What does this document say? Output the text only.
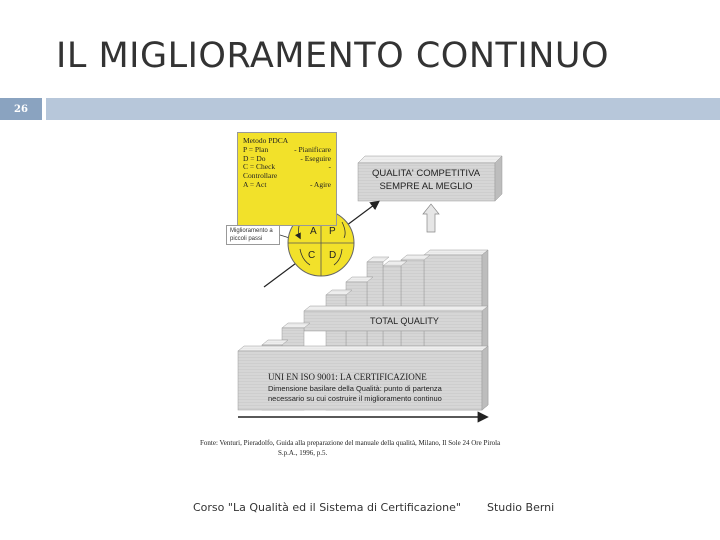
IL MIGLIORAMENTO CONTINUO
26
A P
C D
QUALITA' COMPETITIVA
SEMPRE AL MEGLIO
TOTAL QUALITY
UNI EN ISO 9001: LA CERTIFICAZIONE
Dimensione basilare della Qualità: punto di partenza
necessario su cui costruire il miglioramento continuo
Metodo PDCA
P = Plan	- Pianificare
D = Do	- Eseguire
C = Check	-
Controllare
A = Act	- Agire
Miglioramento a piccoli passi
Fonte: Venturi, Pieradolfo, Guida alla preparazione del manuale della qualità, Milano, Il Sole 24 Ore Pirola
S.p.A., 1996, p.5.
Corso "La Qualità ed il Sistema di Certificazione" Studio Berni
